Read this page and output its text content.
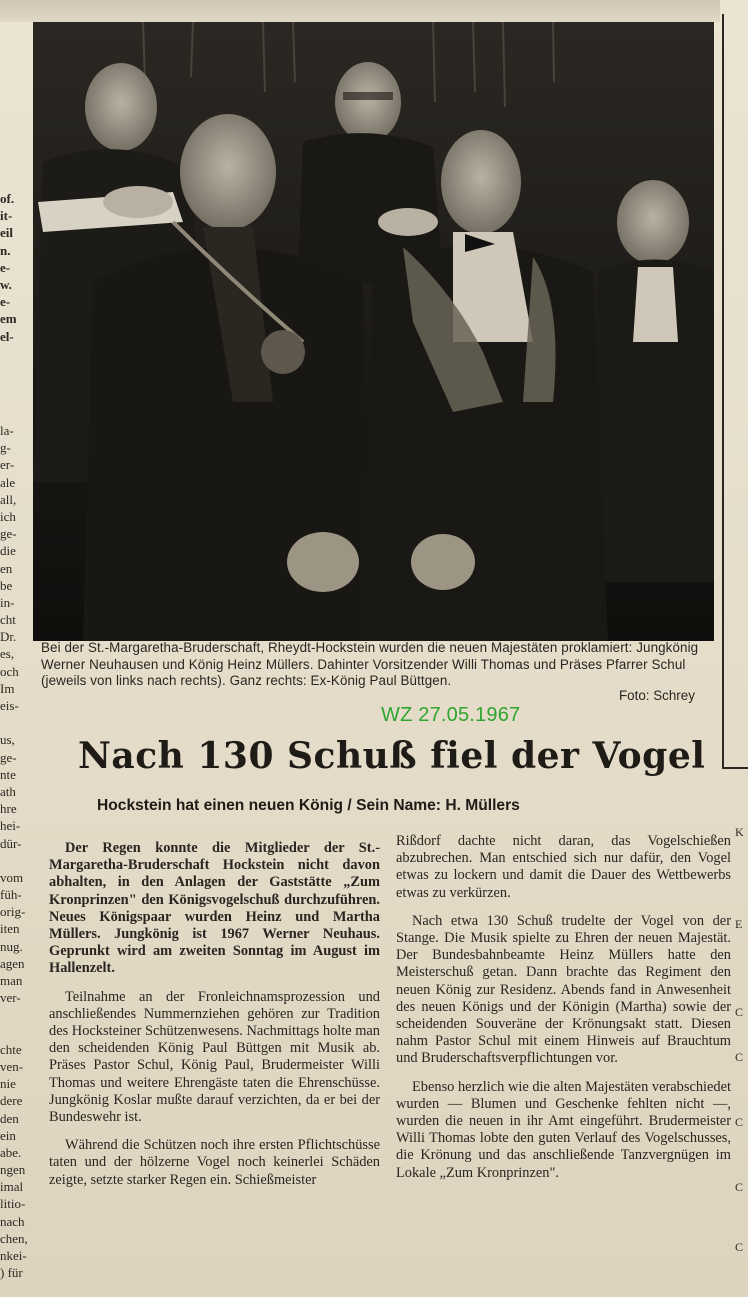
of.
it-
eil
n.
e-
w.
e-
em
el-
la-
g-
er-
ale
all,
ich
ge-
die
en
be
in-
cht
Dr.
es,
och
Im
eis-
us,
ge-
nte
ath
hre
hei-
dür-
vom
füh-
orig-
iten
nug.
agen
man
ver-
chte
ven-
nie
dere
den
ein
abe.
ngen
imal
litio-
nach
chen,
nkei-
) für
K
E
C
C
C
C
C

Bei der St.-Margaretha-Bruderschaft, Rheydt-Hockstein wurden die neuen Majestäten proklamiert: Jungkönig Werner Neuhausen und König Heinz Müllers. Dahinter Vorsitzender Willi Thomas und Präses Pfarrer Schul (jeweils von links nach rechts). Ganz rechts: Ex-König Paul Büttgen.

Foto: Schrey
WZ 27.05.1967
Nach 130 Schuß fiel der Vogel
Hockstein hat einen neuen König / Sein Name: H. Müllers

Der Regen konnte die Mitglieder der St.-Margaretha-Bruderschaft Hockstein nicht davon abhalten, in den Anlagen der Gaststätte „Zum Kronprinzen" den Königsvogelschuß durchzuführen. Neues Königspaar wurden Heinz und Martha Müllers. Jungkönig ist 1967 Werner Neuhaus. Geprunkt wird am zweiten Sonntag im August im Hallenzelt.

Teilnahme an der Fronleichnamsprozession und anschließendes Nummernziehen gehören zur Tradition des Hocksteiner Schützenwesens. Nachmittags holte man den scheidenden König Paul Büttgen mit Musik ab. Präses Pastor Schul, König Paul, Brudermeister Willi Thomas und weitere Ehrengäste taten die Ehrenschüsse. Jungkönig Koslar mußte darauf verzichten, da er bei der Bundeswehr ist.

Während die Schützen noch ihre ersten Pflichtschüsse taten und der hölzerne Vogel noch keinerlei Schäden zeigte, setzte starker Regen ein. Schießmeister

Rißdorf dachte nicht daran, das Vogelschießen abzubrechen. Man entschied sich nur dafür, den Vogel etwas zu lockern und damit die Dauer des Wettbewerbs etwas zu verkürzen.

Nach etwa 130 Schuß trudelte der Vogel von der Stange. Die Musik spielte zu Ehren der neuen Majestät. Der Bundesbahnbeamte Heinz Müllers hatte den Meisterschuß getan. Dann brachte das Regiment den neuen König zur Residenz. Abends fand in Anwesenheit des neuen Königs und der Königin (Martha) sowie der scheidenden Souveräne der Krönungsakt statt. Diesen nahm Pastor Schul mit einem Hinweis auf Brauchtum und Bruderschaftsverpflichtungen vor.

Ebenso herzlich wie die alten Majestäten verabschiedet wurden — Blumen und Geschenke fehlten nicht —, wurden die neuen in ihr Amt eingeführt. Brudermeister Willi Thomas lobte den guten Verlauf des Vogelschusses, die Krönung und das anschließende Tanzvergnügen im Lokale „Zum Kronprinzen".
